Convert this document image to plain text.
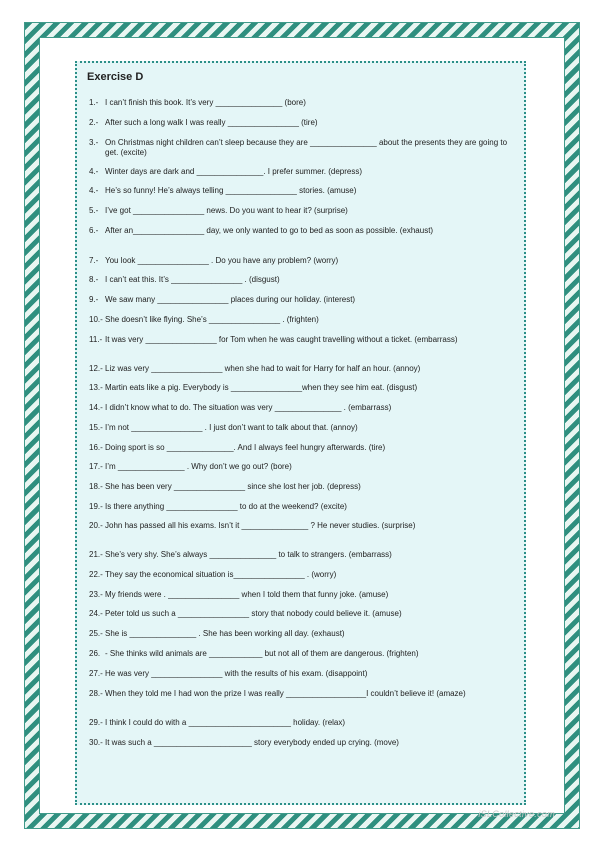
Exercise D
1.- I can’t finish this book. It’s very _______________ (bore)
2.- After such a long walk I was really ________________ (tire)
3.- On Christmas night children can’t sleep because they are _______________ about the presents they are going to get. (excite)
4.- Winter days are dark and _______________. I prefer summer. (depress)
4.- He’s so funny! He’s always telling ________________ stories. (amuse)
5.- I’ve got ________________ news. Do you want to hear it? (surprise)
6.- After an________________ day, we only wanted to go to bed as soon as possible. (exhaust)
7.- You look ________________ . Do you have any problem? (worry)
8.- I can’t eat this. It’s ________________ . (disgust)
9.- We saw many ________________ places during our holiday. (interest)
10.- She doesn’t like flying. She’s ________________ . (frighten)
11.- It was very ________________ for Tom when he was caught travelling without a ticket. (embarrass)
12.- Liz was very ________________ when she had to wait for Harry for half an hour. (annoy)
13.- Martin eats like a pig. Everybody is ________________when they see him eat. (disgust)
14.- I didn’t know what to do. The situation was very _______________ . (embarrass)
15.- I’m not ________________ . I just don’t want to talk about that. (annoy)
16.- Doing sport is so _______________. And I always feel hungry afterwards. (tire)
17.- I’m _______________ . Why don’t we go out? (bore)
18.- She has been very ________________ since she lost her job. (depress)
19.- Is there anything ________________ to do at the weekend? (excite)
20.- John has passed all his exams. Isn’t it _______________ ? He never studies. (surprise)
21.- She’s very shy. She’s always _______________ to talk to strangers. (embarrass)
22.- They say the economical situation is________________ . (worry)
23.- My friends were . ________________ when I told them that funny joke. (amuse)
24.- Peter told us such a ________________ story that nobody could believe it. (amuse)
25.- She is _______________ . She has been working all day. (exhaust)
26. - She thinks wild animals are ____________ but not all of them are dangerous. (frighten)
27.- He was very ________________ with the results of his exam. (disappoint)
28.- When they told me I had won the prize I was really __________________I couldn’t believe it! (amaze)
29.- I think I could do with a _______________________ holiday. (relax)
30.- It was such a ______________________ story everybody ended up crying. (move)
iSLCollective.com
